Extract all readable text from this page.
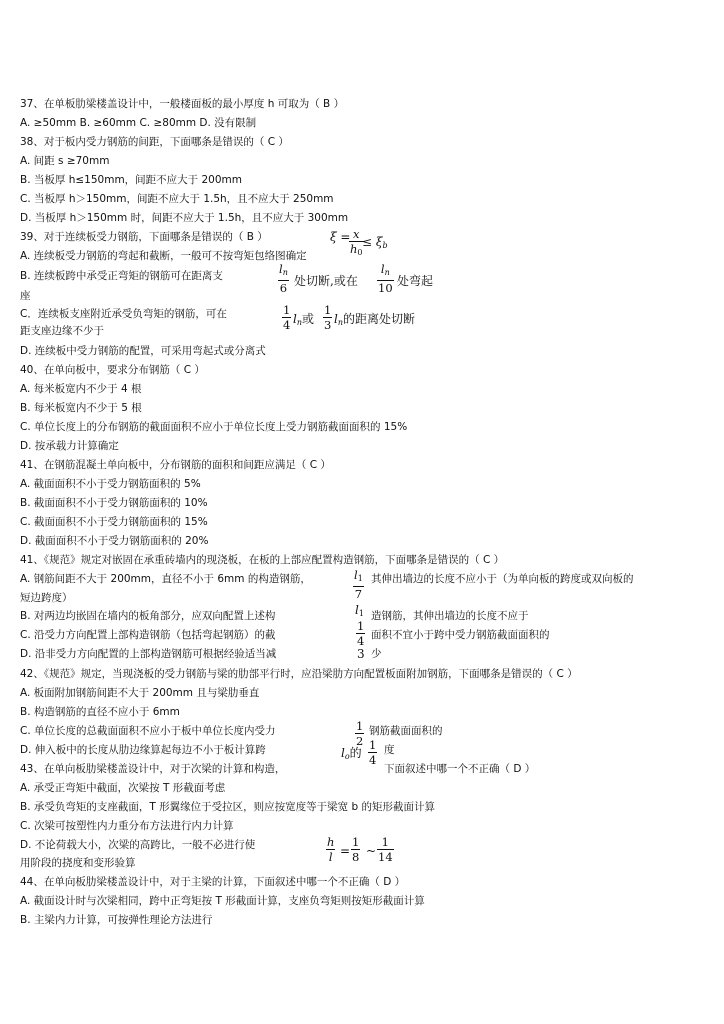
37、在单板肋梁楼盖设计中，一般楼面板的最小厚度 h 可取为（ B ）
A. ≥50mm B. ≥60mm C. ≥80mm D. 没有限制
38、对于板内受力钢筋的间距，下面哪条是错误的（ C ）
A. 间距 s ≥70mm
B. 当板厚 h≤150mm，间距不应大于 200mm
C. 当板厚 h＞150mm，间距不应大于 1.5h，且不应大于 250mm
D. 当板厚 h＞150mm 时，间距不应大于 1.5h，且不应大于 300mm
39、对于连续板受力钢筋，下面哪条是错误的（ B ）	ξ = x
$h_0$
≤ $\xi_b$
A. 连续板受力钢筋的弯起和截断，一般可不按弯矩包络图确定
B. 连续板跨中承受正弯矩的钢筋可在距离支	$l_n$
6 处切断,或在
$l_n$
10 处弯起
座
C．连续板支座附近承受负弯矩的钢筋，可在	1
4 $l_n$或
1
3 $l_n$的距离处切断
距支座边缘不少于
D. 连续板中受力钢筋的配置，可采用弯起式或分离式
40、在单向板中，要求分布钢筋（ C ）
A. 每米板宽内不少于 4 根
B. 每米板宽内不少于 5 根
C. 单位长度上的分布钢筋的截面面积不应小于单位长度上受力钢筋截面面积的 15%
D. 按承载力计算确定
41、在钢筋混凝土单向板中，分布钢筋的面积和间距应满足（ C ）
A. 截面面积不小于受力钢筋面积的 5%
B. 截面面积不小于受力钢筋面积的 10%
C. 截面面积不小于受力钢筋面积的 15%
D. 截面面积不小于受力钢筋面积的 20%
41、《规范》规定对嵌固在承重砖墙内的现浇板，在板的上部应配置构造钢筋，下面哪条是错误的（ C ）
A. 钢筋间距不大于 200mm，直径不小于 6mm 的构造钢筋，	$l_1$
7
其伸出墙边的长度不应小于（为单向板的跨度或双向板的
短边跨度）
B. 对两边均嵌固在墙内的板角部分，应双向配置上述构	$l_1$ 造钢筋，其伸出墙边的长度不应于
C. 沿受力方向配置上部构造钢筋（包括弯起钢筋）的截
1
4 面积不宜小于跨中受力钢筋截面面积的
D. 沿非受力方向配置的上部构造钢筋可根据经验适当减	3 少
42、《规范》规定，当现浇板的受力钢筋与梁的肋部平行时，应沿梁肋方向配置板面附加钢筋，下面哪条是错误的（ C ）
A. 板面附加钢筋间距不大于 200mm 且与梁肋垂直
B. 构造钢筋的直径不应小于 6mm
C. 单位长度的总截面面积不应小于板中单位长度内受力	1
2
钢筋截面面积的
D. 伸入板中的长度从肋边缘算起每边不小于板计算跨	$l_o$的
1
4
度
43、在单向板肋梁楼盖设计中，对于次梁的计算和构造，	下面叙述中哪一个不正确（ D ）
A. 承受正弯矩中截面，次梁按 T 形截面考虑
B. 承受负弯矩的支座截面，T 形翼缘位于受拉区，则应按宽度等于梁宽 b 的矩形截面计算
C. 次梁可按塑性内力重分布方法进行内力计算
D. 不论荷载大小，次梁的高跨比，一般不必进行使	h
l =
1
8 ~
1
14
用阶段的挠度和变形验算
44、在单向板肋梁楼盖设计中，对于主梁的计算，下面叙述中哪一个不正确（ D ）
A. 截面设计时与次梁相同，跨中正弯矩按 T 形截面计算，支座负弯矩则按矩形截面计算
B. 主梁内力计算，可按弹性理论方法进行
